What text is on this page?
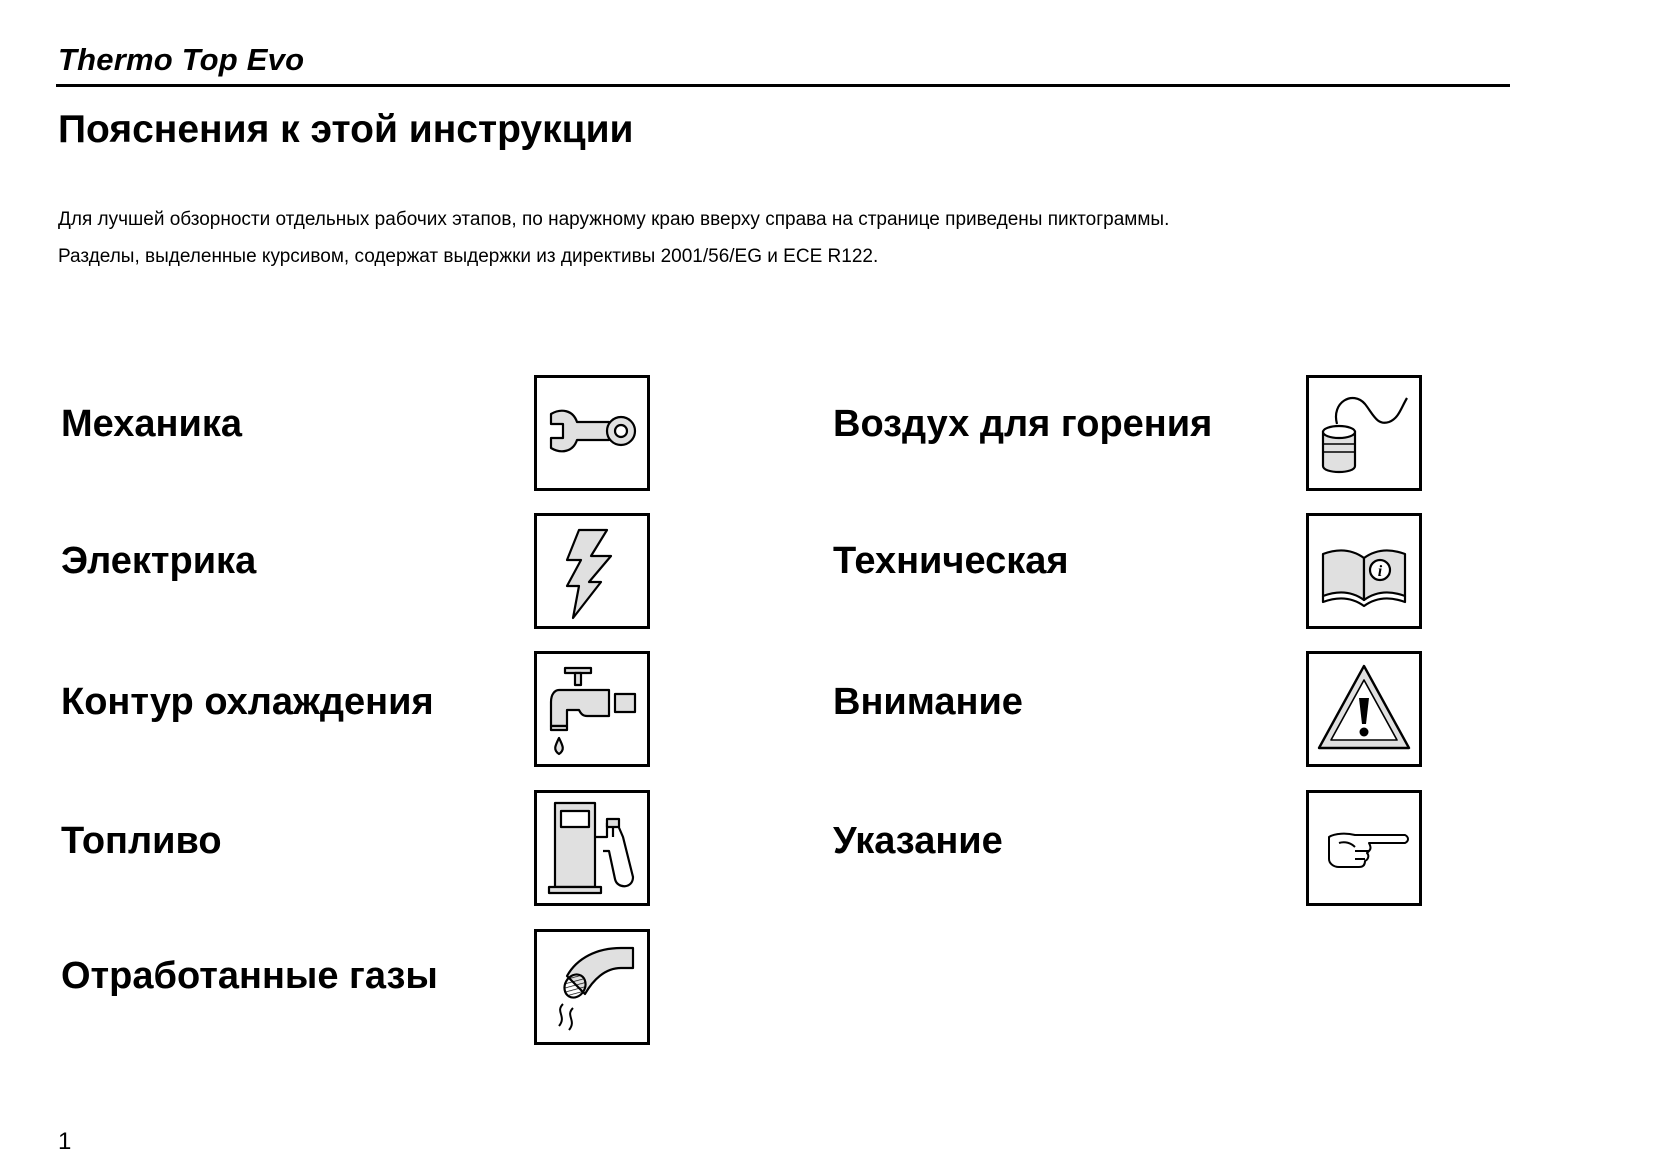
Thermo Top Evo
Пояснения к этой инструкции
Для лучшей обзорности отдельных рабочих этапов, по наружному краю вверху справа на странице приведены пиктограммы.
Разделы, выделенные курсивом, содержат выдержки из директивы 2001/56/EG и ECE R122.
Механика
Электрика
Контур охлаждения
Топливо
Отработанные газы
Воздух для горения
Техническая	i
Внимание
Указание
1
